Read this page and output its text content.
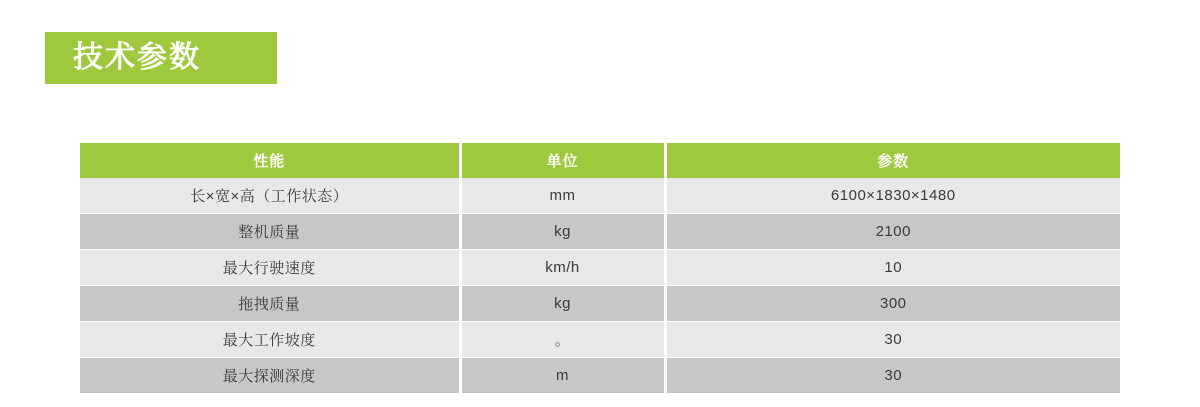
技术参数
性能	单位	参数
长×宽×高（工作状态）	mm	6100×1830×1480
整机质量	kg	2100
最大行驶速度	km/h	10
拖拽质量	kg	300
最大工作坡度	。	30
最大探测深度	m	30
